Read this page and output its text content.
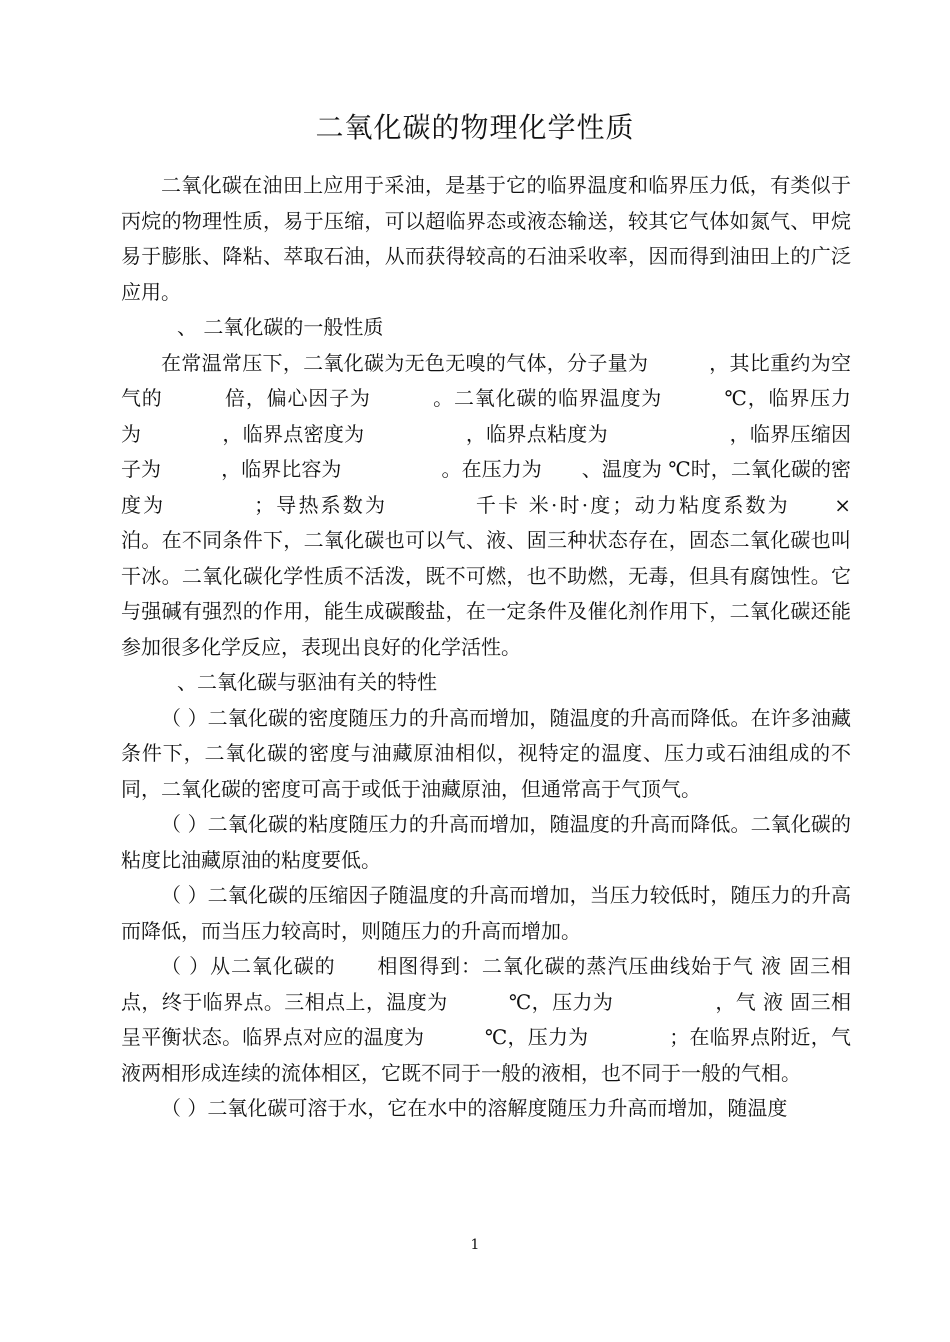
二氧化碳的物理化学性质

二氧化碳在油田上应用于采油，是基于它的临界温度和临界压力低，有类似于丙烷的物理性质，易于压缩，可以超临界态或液态输送，较其它气体如氮气、甲烷易于膨胀、降粘、萃取石油，从而获得较高的石油采收率，因而得到油田上的广泛应用。

、 二氧化碳的一般性质

在常温常压下，二氧化碳为无色无嗅的气体，分子量为　　　，其比重约为空气的　　　倍，偏心因子为　　　。二氧化碳的临界温度为　　　℃，临界压力为　　　　，临界点密度为　　　　　，临界点粘度为　　　　　　，临界压缩因子为　　　，临界比容为　　　　　。在压力为　　、温度为 ℃时，二氧化碳的密度为　　　　；导热系数为　　　　千卡 米·时·度；动力粘度系数为　　×　　泊。在不同条件下，二氧化碳也可以气、液、固三种状态存在，固态二氧化碳也叫干冰。二氧化碳化学性质不活泼，既不可燃，也不助燃，无毒，但具有腐蚀性。它与强碱有强烈的作用，能生成碳酸盐，在一定条件及催化剂作用下，二氧化碳还能参加很多化学反应，表现出良好的化学活性。

、二氧化碳与驱油有关的特性

（ ）二氧化碳的密度随压力的升高而增加，随温度的升高而降低。在许多油藏条件下，二氧化碳的密度与油藏原油相似，视特定的温度、压力或石油组成的不同，二氧化碳的密度可高于或低于油藏原油，但通常高于气顶气。

（ ）二氧化碳的粘度随压力的升高而增加，随温度的升高而降低。二氧化碳的粘度比油藏原油的粘度要低。

（ ）二氧化碳的压缩因子随温度的升高而增加，当压力较低时，随压力的升高而降低，而当压力较高时，则随压力的升高而增加。

（ ）从二氧化碳的　　相图得到：二氧化碳的蒸汽压曲线始于气 液 固三相点，终于临界点。三相点上，温度为　　　℃，压力为　　　　　，气 液 固三相呈平衡状态。临界点对应的温度为　　　℃，压力为　　　　；在临界点附近，气液两相形成连续的流体相区，它既不同于一般的液相，也不同于一般的气相。

（ ）二氧化碳可溶于水，它在水中的溶解度随压力升高而增加，随温度

1
